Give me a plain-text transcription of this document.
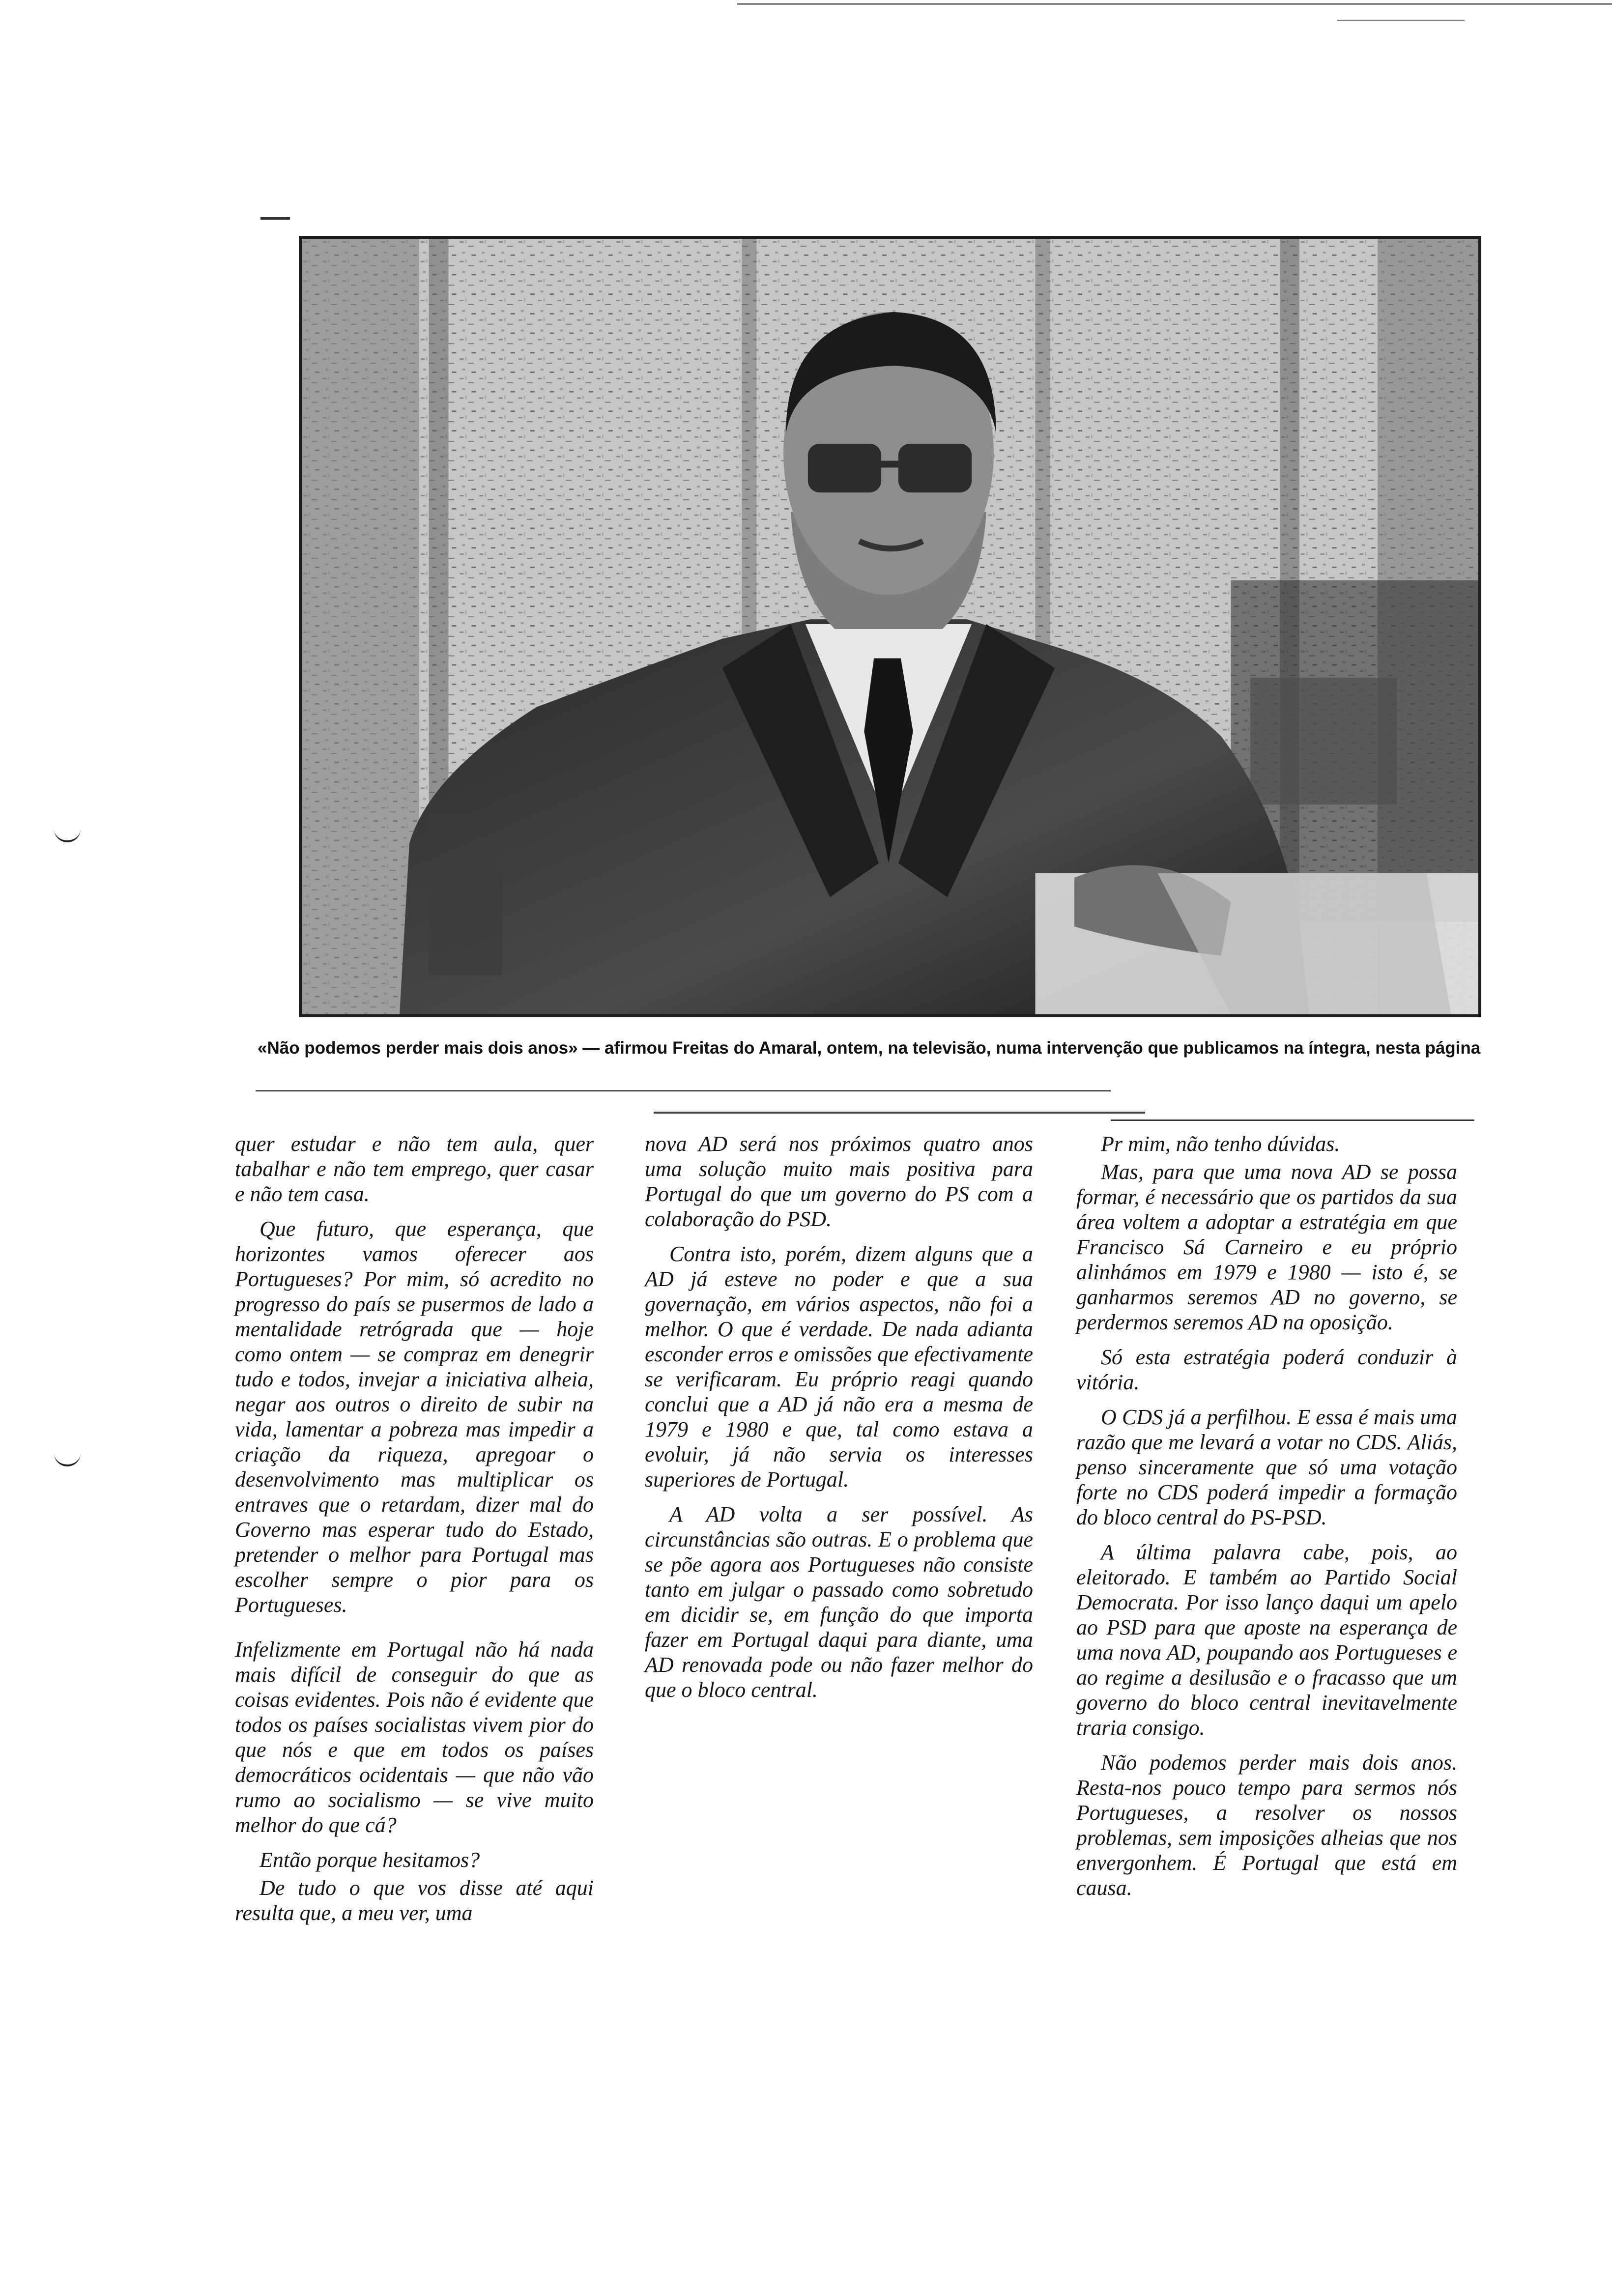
«Não podemos perder mais dois anos» — afirmou Freitas do Amaral, ontem, na televisão, numa intervenção que publicamos na íntegra, nesta página

quer estudar e não tem aula, quer tabalhar e não tem emprego, quer casar e não tem casa.

Que futuro, que esperança, que horizontes vamos oferecer aos Portugueses? Por mim, só acredito no progresso do país se pusermos de lado a mentalidade retrógrada que — hoje como ontem — se compraz em denegrir tudo e todos, invejar a iniciativa alheia, negar aos outros o direito de subir na vida, lamentar a pobreza mas impedir a criação da riqueza, apregoar o desenvolvimento mas multiplicar os entraves que o retardam, dizer mal do Governo mas esperar tudo do Estado, pretender o melhor para Portugal mas escolher sempre o pior para os Portugueses.

Infelizmente em Portugal não há nada mais difícil de conseguir do que as coisas evidentes. Pois não é evidente que todos os países socialistas vivem pior do que nós e que em todos os países democráticos ocidentais — que não vão rumo ao socialismo — se vive muito melhor do que cá?

Então porque hesitamos?

De tudo o que vos disse até aqui resulta que, a meu ver, uma

nova AD será nos próximos quatro anos uma solução muito mais positiva para Portugal do que um governo do PS com a colaboração do PSD.

Contra isto, porém, dizem alguns que a AD já esteve no poder e que a sua governação, em vários aspectos, não foi a melhor. O que é verdade. De nada adianta esconder erros e omissões que efectivamente se verificaram. Eu próprio reagi quando conclui que a AD já não era a mesma de 1979 e 1980 e que, tal como estava a evoluir, já não servia os interesses superiores de Portugal.

A AD volta a ser possível. As circunstâncias são outras. E o problema que se põe agora aos Portugueses não consiste tanto em julgar o passado como sobretudo em dicidir se, em função do que importa fazer em Portugal daqui para diante, uma AD renovada pode ou não fazer melhor do que o bloco central.

Pr mim, não tenho dúvidas.

Mas, para que uma nova AD se possa formar, é necessário que os partidos da sua área voltem a adoptar a estratégia em que Francisco Sá Carneiro e eu próprio alinhámos em 1979 e 1980 — isto é, se ganharmos seremos AD no governo, se perdermos seremos AD na oposição.

Só esta estratégia poderá conduzir à vitória.

O CDS já a perfilhou. E essa é mais uma razão que me levará a votar no CDS. Aliás, penso sinceramente que só uma votação forte no CDS poderá impedir a formação do bloco central do PS-PSD.

A última palavra cabe, pois, ao eleitorado. E também ao Partido Social Democrata. Por isso lanço daqui um apelo ao PSD para que aposte na esperança de uma nova AD, poupando aos Portugueses e ao regime a desilusão e o fracasso que um governo do bloco central inevitavelmente traria consigo.

Não podemos perder mais dois anos. Resta-nos pouco tempo para sermos nós Portugueses, a resolver os nossos problemas, sem imposições alheias que nos envergonhem. É Portugal que está em causa.
